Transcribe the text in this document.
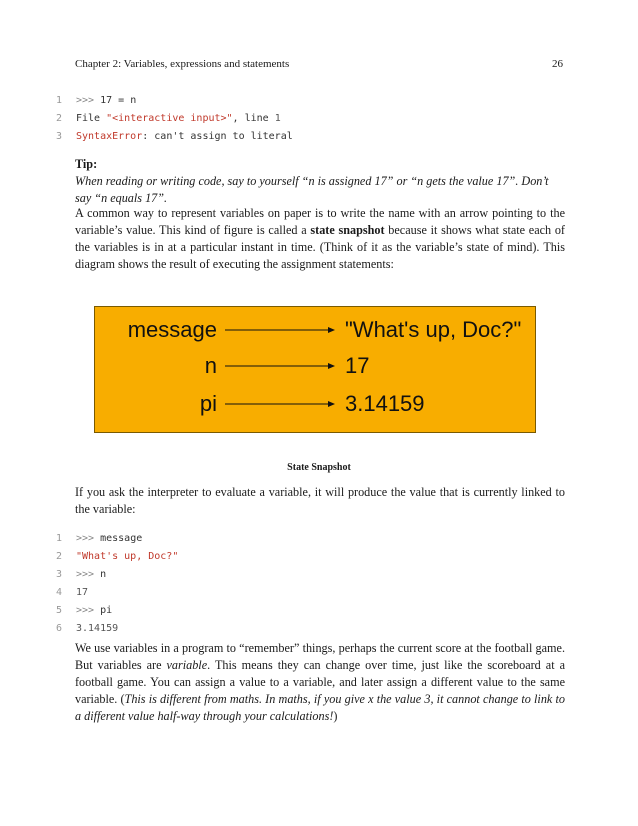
Chapter 2: Variables, expressions and statements	26
1 >>> 17 = n
2 File "<interactive input>", line 1
3 SyntaxError: can't assign to literal
Tip:
When reading or writing code, say to yourself “n is assigned 17” or “n gets the value 17”. Don’t say “n equals 17”.

A common way to represent variables on paper is to write the name with an arrow pointing to the variable’s value. This kind of figure is called a state snapshot because it shows what state each of the variables is in at a particular instant in time. (Think of it as the variable’s state of mind). This diagram shows the result of executing the assignment statements:

message	"What's up, Doc?"
n	17
pi	3.14159
State Snapshot

If you ask the interpreter to evaluate a variable, it will produce the value that is currently linked to the variable:

1 >>> message
2 "What's up, Doc?"
3 >>> n
4 17
5 >>> pi
6 3.14159

We use variables in a program to “remember” things, perhaps the current score at the football game. But variables are variable. This means they can change over time, just like the scoreboard at a football game. You can assign a value to a variable, and later assign a different value to the same variable. (This is different from maths. In maths, if you give x the value 3, it cannot change to link to a different value half-way through your calculations!)
